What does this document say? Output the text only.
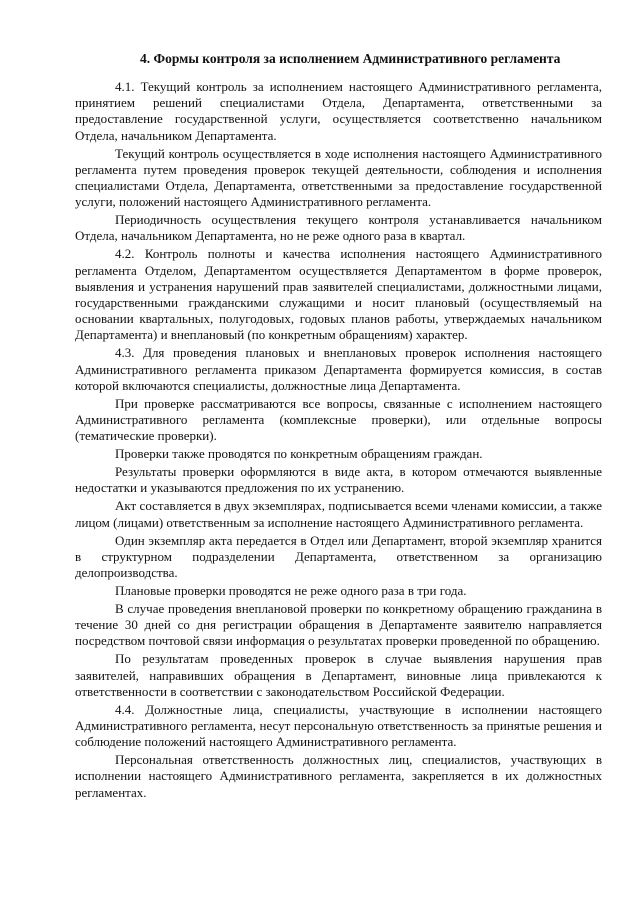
4. Формы контроля за исполнением Административного регламента

4.1. Текущий контроль за исполнением настоящего Административного регламента, принятием решений специалистами Отдела, Департамента, ответственными за предоставление государственной услуги, осуществляется соответственно начальником Отдела, начальником Департамента.

Текущий контроль осуществляется в ходе исполнения настоящего Административного регламента путем проведения проверок текущей деятельности, соблюдения и исполнения специалистами Отдела, Департамента, ответственными за предоставление государственной услуги, положений настоящего Административного регламента.

Периодичность осуществления текущего контроля устанавливается начальником Отдела, начальником Департамента, но не реже одного раза в квартал.

4.2. Контроль полноты и качества исполнения настоящего Административного регламента Отделом, Департаментом осуществляется Департаментом в форме проверок, выявления и устранения нарушений прав заявителей специалистами, должностными лицами, государственными гражданскими служащими и носит плановый (осуществляемый на основании квартальных, полугодовых, годовых планов работы, утверждаемых начальником Департамента) и внеплановый (по конкретным обращениям) характер.

4.3. Для проведения плановых и внеплановых проверок исполнения настоящего Административного регламента приказом Департамента формируется комиссия, в состав которой включаются специалисты, должностные лица Департамента.

При проверке рассматриваются все вопросы, связанные с исполнением настоящего Административного регламента (комплексные проверки), или отдельные вопросы (тематические проверки).

Проверки также проводятся по конкретным обращениям граждан.

Результаты проверки оформляются в виде акта, в котором отмечаются выявленные недостатки и указываются предложения по их устранению.

Акт составляется в двух экземплярах, подписывается всеми членами комиссии, а также лицом (лицами) ответственным за исполнение настоящего Административного регламента.

Один экземпляр акта передается в Отдел или Департамент, второй экземпляр хранится в структурном подразделении Департамента, ответственном за организацию делопроизводства.

Плановые проверки проводятся не реже одного раза в три года.

В случае проведения внеплановой проверки по конкретному обращению гражданина в течение 30 дней со дня регистрации обращения в Департаменте заявителю направляется посредством почтовой связи информация о результатах проверки проведенной по обращению.

По результатам проведенных проверок в случае выявления нарушения прав заявителей, направивших обращения в Департамент, виновные лица привлекаются к ответственности в соответствии с законодательством Российской Федерации.

4.4. Должностные лица, специалисты, участвующие в исполнении настоящего Административного регламента, несут персональную ответственность за принятые решения и соблюдение положений настоящего Административного регламента.

Персональная ответственность должностных лиц, специалистов, участвующих в исполнении настоящего Административного регламента, закрепляется в их должностных регламентах.
